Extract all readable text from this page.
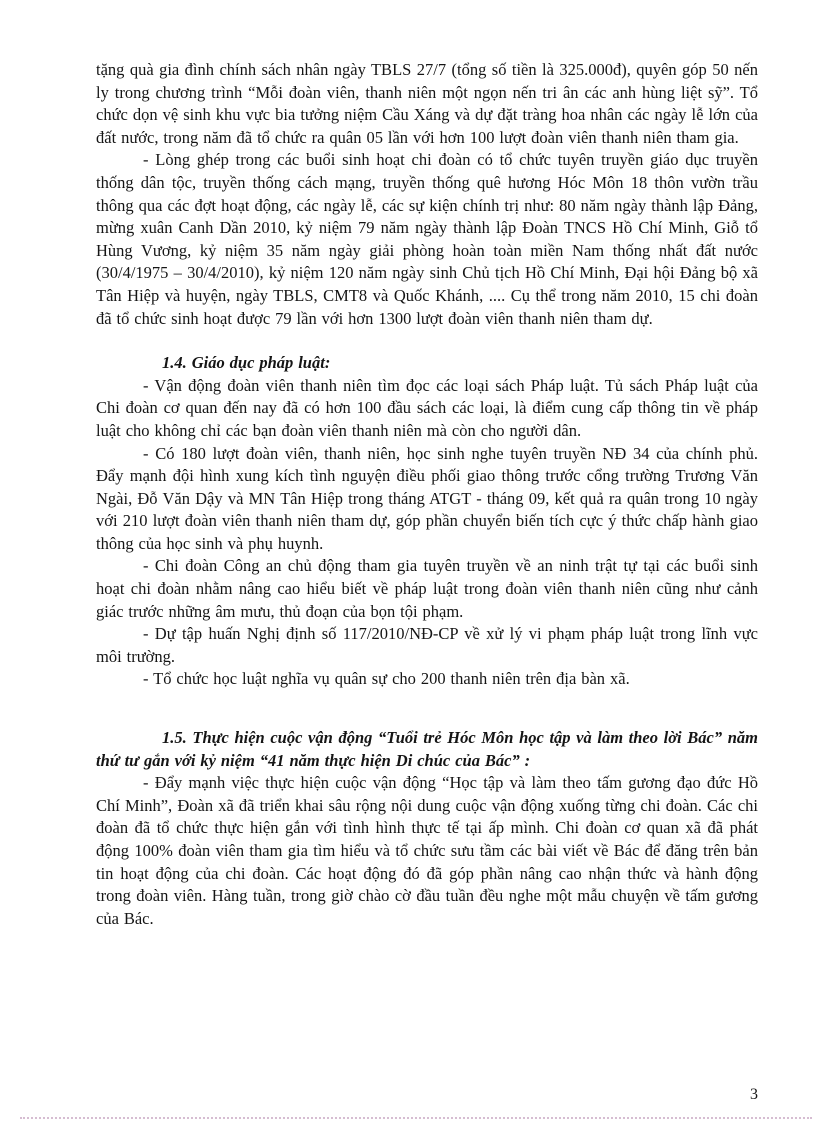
tặng quà gia đình chính sách nhân ngày TBLS 27/7 (tổng số tiền là 325.000đ), quyên góp 50 nến ly trong chương trình “Mỗi đoàn viên, thanh niên một ngọn nến tri ân các anh hùng liệt sỹ”. Tổ chức dọn vệ sinh khu vực bia tưởng niệm Cầu Xáng và dự đặt tràng hoa nhân các ngày lễ lớn của đất nước, trong năm đã tổ chức ra quân 05 lần với hơn 100 lượt đoàn viên thanh niên tham gia.

- Lòng ghép trong các buổi sinh hoạt chi đoàn có tổ chức tuyên truyền giáo dục truyền thống dân tộc, truyền thống cách mạng, truyền thống quê hương Hóc Môn 18 thôn vườn trầu thông qua các đợt hoạt động, các ngày lễ, các sự kiện chính trị như: 80 năm ngày thành lập Đảng, mừng xuân Canh Dần 2010, kỷ niệm 79 năm ngày thành lập Đoàn TNCS Hồ Chí Minh, Giỗ tổ Hùng Vương, kỷ niệm 35 năm ngày giải phòng hoàn toàn miền Nam thống nhất đất nước (30/4/1975 – 30/4/2010), kỷ niệm 120 năm ngày sinh Chủ tịch Hồ Chí Minh, Đại hội Đảng bộ xã Tân Hiệp và huyện, ngày TBLS, CMT8 và Quốc Khánh, .... Cụ thể trong năm 2010, 15 chi đoàn đã tổ chức sinh hoạt được 79 lần với hơn 1300 lượt đoàn viên thanh niên tham dự.

1.4. Giáo dục pháp luật:

- Vận động đoàn viên thanh niên tìm đọc các loại sách Pháp luật. Tủ sách Pháp luật của Chi đoàn cơ quan đến nay đã có hơn 100 đầu sách các loại, là điểm cung cấp thông tin về pháp luật cho không chỉ các bạn đoàn viên thanh niên mà còn cho người dân.

- Có 180 lượt đoàn viên, thanh niên, học sinh nghe tuyên truyền NĐ 34 của chính phủ. Đẩy mạnh đội hình xung kích tình nguyện điều phối giao thông trước cổng trường Trương Văn Ngài, Đỗ Văn Dậy và MN Tân Hiệp trong tháng ATGT - tháng 09, kết quả ra quân trong 10 ngày với 210 lượt đoàn viên thanh niên tham dự, góp phần chuyển biến tích cực ý thức chấp hành giao thông của học sinh và phụ huynh.

- Chi đoàn Công an chủ động tham gia tuyên truyền về an ninh trật tự tại các buổi sinh hoạt chi đoàn nhằm nâng cao hiểu biết về pháp luật trong đoàn viên thanh niên cũng như cảnh giác trước những âm mưu, thủ đoạn của bọn tội phạm.

- Dự tập huấn Nghị định số 117/2010/NĐ-CP về xử lý vi phạm pháp luật trong lĩnh vực môi trường.

- Tổ chức học luật nghĩa vụ quân sự cho 200 thanh niên trên địa bàn xã.

1.5. Thực hiện cuộc vận động “Tuổi trẻ Hóc Môn học tập và làm theo lời Bác” năm thứ tư gắn với kỷ niệm “41 năm thực hiện Di chúc của Bác” :

- Đẩy mạnh việc thực hiện cuộc vận động “Học tập và làm theo tấm gương đạo đức Hồ Chí Minh”, Đoàn xã đã triển khai sâu rộng nội dung cuộc vận động xuống từng chi đoàn. Các chi đoàn đã tổ chức thực hiện gắn với tình hình thực tế tại ấp mình. Chi đoàn cơ quan xã đã phát động 100% đoàn viên tham gia tìm hiểu và tổ chức sưu tầm các bài viết về Bác để đăng trên bản tin hoạt động của chi đoàn. Các hoạt động đó đã góp phần nâng cao nhận thức và hành động trong đoàn viên. Hàng tuần, trong giờ chào cờ đầu tuần đều nghe một mẫu chuyện về tấm gương của Bác.

3
